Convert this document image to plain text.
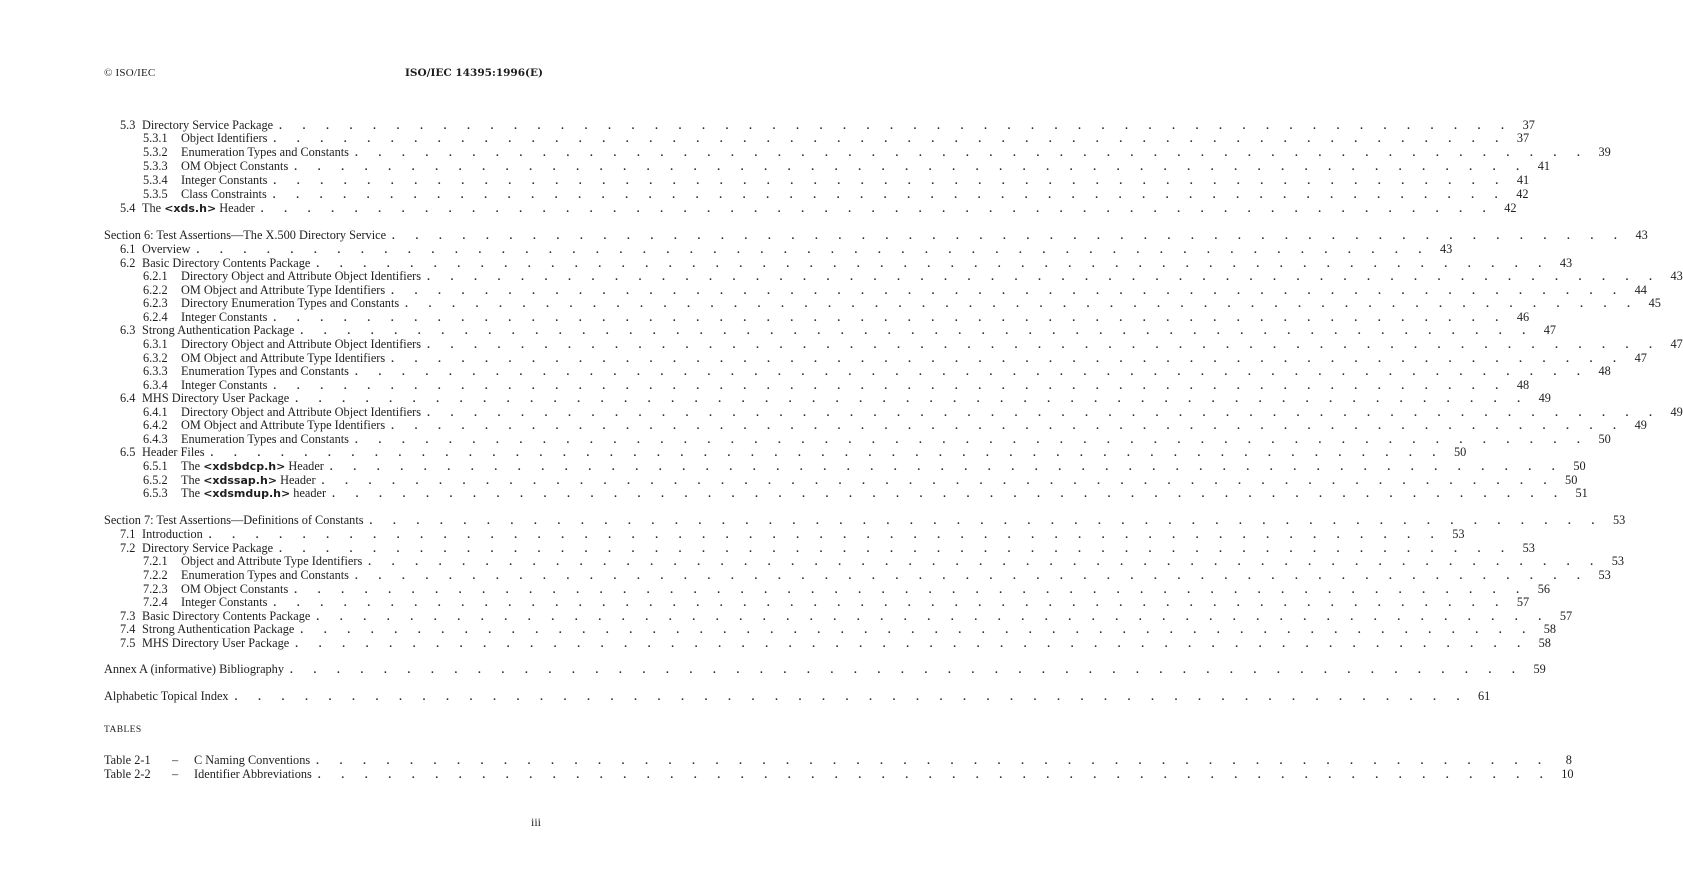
© ISO/IEC	ISO/IEC 14395:1996(E)
5.3 Directory Service Package . . . . . . . . . . . . . . . . . . . . . . . . . . . . . . . . . . . . . . . . . . . . . . . . . . . . . 37
5.3.1	Object Identifiers . . . . . . . . . . . . . . . . . . . . . . . . . . . . . . . . . . . . . . . . . . . . . . . . . . . . . 37
5.3.2	Enumeration Types and Constants . . . . . . . . . . . . . . . . . . . . . . . . . . . . . . . . . . . . . . . . . . . . . . . . . . . . . 39
5.3.3	OM Object Constants . . . . . . . . . . . . . . . . . . . . . . . . . . . . . . . . . . . . . . . . . . . . . . . . . . . . . 41
5.3.4	Integer Constants . . . . . . . . . . . . . . . . . . . . . . . . . . . . . . . . . . . . . . . . . . . . . . . . . . . . . 41
5.3.5	Class Constraints . . . . . . . . . . . . . . . . . . . . . . . . . . . . . . . . . . . . . . . . . . . . . . . . . . . . . 42
5.4 The <xds.h> Header . . . . . . . . . . . . . . . . . . . . . . . . . . . . . . . . . . . . . . . . . . . . . . . . . . . . . 42
Section 6: Test Assertions—The X.500 Directory Service . . . . . . . . . . . . . . . . . . . . . . . . . . . . . . . . . . . . . . . . . . . . . . . . . . . . . 43
6.1 Overview . . . . . . . . . . . . . . . . . . . . . . . . . . . . . . . . . . . . . . . . . . . . . . . . . . . . . 43
6.2 Basic Directory Contents Package . . . . . . . . . . . . . . . . . . . . . . . . . . . . . . . . . . . . . . . . . . . . . . . . . . . . . 43
6.2.1	Directory Object and Attribute Object Identifiers . . . . . . . . . . . . . . . . . . . . . . . . . . . . . . . . . . . . . . . . . . . . . . . . . . . . . 43
6.2.2	OM Object and Attribute Type Identifiers . . . . . . . . . . . . . . . . . . . . . . . . . . . . . . . . . . . . . . . . . . . . . . . . . . . . . 44
6.2.3	Directory Enumeration Types and Constants . . . . . . . . . . . . . . . . . . . . . . . . . . . . . . . . . . . . . . . . . . . . . . . . . . . . . 45
6.2.4	Integer Constants . . . . . . . . . . . . . . . . . . . . . . . . . . . . . . . . . . . . . . . . . . . . . . . . . . . . . 46
6.3 Strong Authentication Package . . . . . . . . . . . . . . . . . . . . . . . . . . . . . . . . . . . . . . . . . . . . . . . . . . . . . 47
6.3.1	Directory Object and Attribute Object Identifiers . . . . . . . . . . . . . . . . . . . . . . . . . . . . . . . . . . . . . . . . . . . . . . . . . . . . . 47
6.3.2	OM Object and Attribute Type Identifiers . . . . . . . . . . . . . . . . . . . . . . . . . . . . . . . . . . . . . . . . . . . . . . . . . . . . . 47
6.3.3	Enumeration Types and Constants . . . . . . . . . . . . . . . . . . . . . . . . . . . . . . . . . . . . . . . . . . . . . . . . . . . . . 48
6.3.4	Integer Constants . . . . . . . . . . . . . . . . . . . . . . . . . . . . . . . . . . . . . . . . . . . . . . . . . . . . . 48
6.4 MHS Directory User Package . . . . . . . . . . . . . . . . . . . . . . . . . . . . . . . . . . . . . . . . . . . . . . . . . . . . . 49
6.4.1	Directory Object and Attribute Object Identifiers . . . . . . . . . . . . . . . . . . . . . . . . . . . . . . . . . . . . . . . . . . . . . . . . . . . . . 49
6.4.2	OM Object and Attribute Type Identifiers . . . . . . . . . . . . . . . . . . . . . . . . . . . . . . . . . . . . . . . . . . . . . . . . . . . . . 49
6.4.3	Enumeration Types and Constants . . . . . . . . . . . . . . . . . . . . . . . . . . . . . . . . . . . . . . . . . . . . . . . . . . . . . 50
6.5 Header Files . . . . . . . . . . . . . . . . . . . . . . . . . . . . . . . . . . . . . . . . . . . . . . . . . . . . . 50
6.5.1	The <xdsbdcp.h> Header . . . . . . . . . . . . . . . . . . . . . . . . . . . . . . . . . . . . . . . . . . . . . . . . . . . . . 50
6.5.2	The <xdssap.h> Header . . . . . . . . . . . . . . . . . . . . . . . . . . . . . . . . . . . . . . . . . . . . . . . . . . . . . 50
6.5.3	The <xdsmdup.h> header . . . . . . . . . . . . . . . . . . . . . . . . . . . . . . . . . . . . . . . . . . . . . . . . . . . . . 51
Section 7: Test Assertions—Definitions of Constants . . . . . . . . . . . . . . . . . . . . . . . . . . . . . . . . . . . . . . . . . . . . . . . . . . . . . 53
7.1 Introduction . . . . . . . . . . . . . . . . . . . . . . . . . . . . . . . . . . . . . . . . . . . . . . . . . . . . . 53
7.2 Directory Service Package . . . . . . . . . . . . . . . . . . . . . . . . . . . . . . . . . . . . . . . . . . . . . . . . . . . . . 53
7.2.1	Object and Attribute Type Identifiers . . . . . . . . . . . . . . . . . . . . . . . . . . . . . . . . . . . . . . . . . . . . . . . . . . . . . 53
7.2.2	Enumeration Types and Constants . . . . . . . . . . . . . . . . . . . . . . . . . . . . . . . . . . . . . . . . . . . . . . . . . . . . . 53
7.2.3	OM Object Constants . . . . . . . . . . . . . . . . . . . . . . . . . . . . . . . . . . . . . . . . . . . . . . . . . . . . . 56
7.2.4	Integer Constants . . . . . . . . . . . . . . . . . . . . . . . . . . . . . . . . . . . . . . . . . . . . . . . . . . . . . 57
7.3 Basic Directory Contents Package . . . . . . . . . . . . . . . . . . . . . . . . . . . . . . . . . . . . . . . . . . . . . . . . . . . . . 57
7.4 Strong Authentication Package . . . . . . . . . . . . . . . . . . . . . . . . . . . . . . . . . . . . . . . . . . . . . . . . . . . . . 58
7.5 MHS Directory User Package . . . . . . . . . . . . . . . . . . . . . . . . . . . . . . . . . . . . . . . . . . . . . . . . . . . . . 58
Annex A (informative) Bibliography . . . . . . . . . . . . . . . . . . . . . . . . . . . . . . . . . . . . . . . . . . . . . . . . . . . . . 59
Alphabetic Topical Index . . . . . . . . . . . . . . . . . . . . . . . . . . . . . . . . . . . . . . . . . . . . . . . . . . . . . 61
TABLES
Table 2-1	–	C Naming Conventions . . . . . . . . . . . . . . . . . . . . . . . . . . . . . . . . . . . . . . . . . . . . . . . . . . . . .	8
Table 2-2	–	Identifier Abbreviations . . . . . . . . . . . . . . . . . . . . . . . . . . . . . . . . . . . . . . . . . . . . . . . . . . . . . 10
iii
